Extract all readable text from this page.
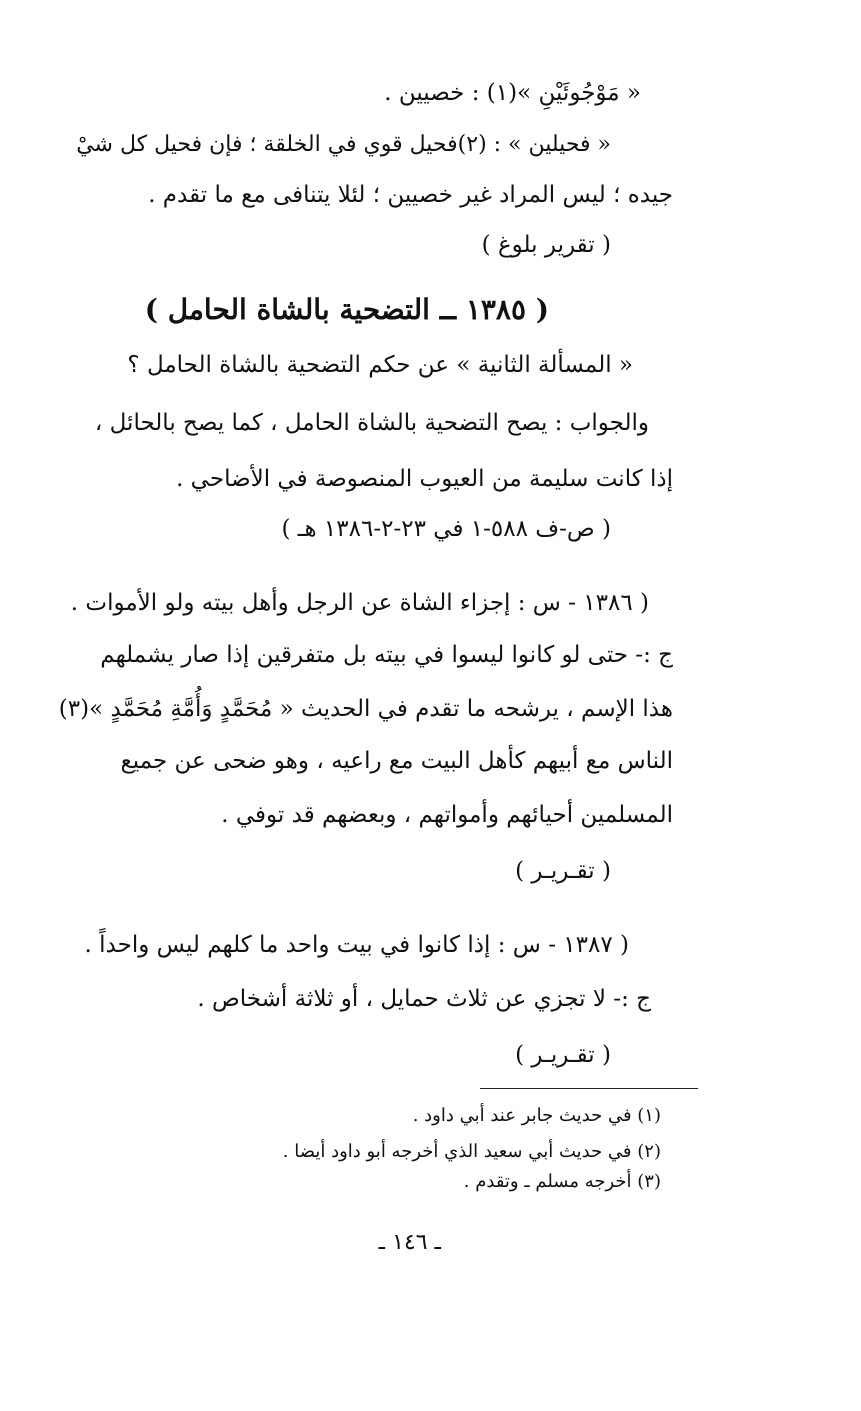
« مَوْجُوئَيْنِ »(١) : خصيين .
« فحيلين » : (٢)فحيل قوي في الخلقة ؛ فإن فحيل كل شيْ
جيده ؛ ليس المراد غير خصيين ؛ لئلا يتنافى مع ما تقدم .
( تقرير بلوغ )
( ١٣٨٥ ــ التضحية بالشاة الحامل )
« المسألة الثانية » عن حكم التضحية بالشاة الحامل ؟
والجواب : يصح التضحية بالشاة الحامل ، كما يصح بالحائل ،
إذا كانت سليمة من العيوب المنصوصة في الأضاحي .
( ص-ف ٥٨٨-١ في ٢٣-٢-١٣٨٦ هـ )
( ١٣٨٦ - س : إجزاء الشاة عن الرجل وأهل بيته ولو الأموات .
ج :- حتى لو كانوا ليسوا في بيته بل متفرقين إذا صار يشملهم
هذا الإسم ، يرشحه ما تقدم في الحديث « مُحَمَّدٍ وَأُمَّةِ مُحَمَّدٍ »(٣)
الناس مع أبيهم كأهل البيت مع راعيه ، وهو ضحى عن جميع
المسلمين أحيائهم وأمواتهم ، وبعضهم قد توفي .
( تقـريـر )
( ١٣٨٧ - س : إذا كانوا في بيت واحد ما كلهم ليس واحداً .
ج :- لا تجزي عن ثلاث حمايل ، أو ثلاثة أشخاص .
( تقـريـر )
(١) في حديث جابر عند أبي داود .
(٢) في حديث أبي سعيد الذي أخرجه أبو داود أيضا .
(٣) أخرجه مسلم ـ وتقدم .
ـ ١٤٦ ـ
